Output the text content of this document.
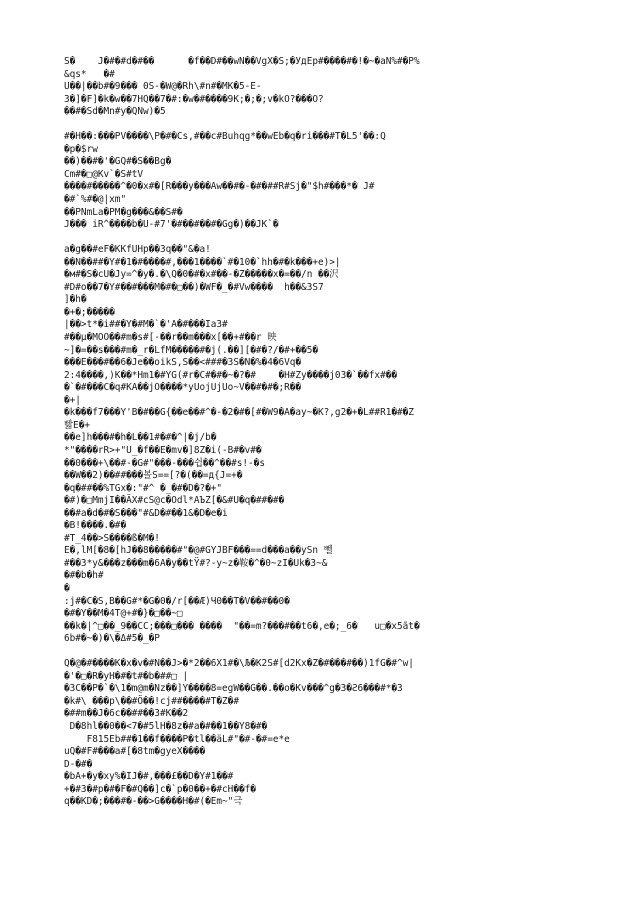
S�    J�#�#d�#��      �f��D#��wN��VgX�S;�УдEp#����#�!�~�aN%#�P%
&qs*   �#
U��|��b#�9��� 0S-�W@�Rh\#n#�MK�5-E-
3�]�F]�k�w��7HQ��7�#:�w�#����9K;�;�;v�kO?���O?
��#�Sd�Mn#y�QNw)�5
#�H��:���PV����\P�#�Cs,#��c#Buhqg*��wEb�q�ri���#T�L5'��:Q
�p�$rw
��)��#�'�GQ#�S��Bg�
Cm#�□@Kv`�S#tV
����#�����^�0�x#�[R���y���Aw��#�-�#�##R#Sj�"$h#���*� J#
�#`%#�@|xm"
��PNmLa�PM�g���&��S#�
J��� iR^����b�U-#7'�#��#��#�Gg�)��JK`�
a�g��#eF�KKfUHp��3q��"&�a!
��N��##�Y#�1�#����#,���1����`#�10�`hh�#�k���+e)>|
�м#�S�cU�Jy=^�y�.�\Q�0�#�x#��-�Z�����x�=��/n ��沢
#D#o��7�Y#��#���M�#�□��)�WF�_�#Vw����  h��&3S7
]�h�
�+�;�����
|��>t*�i##�Y�#M�`�'A�#���Ia3#
#��µ�MOO��#m�s#[-��r��m���x[��+#��r 映
~]�=��s���#m�_r�LfM�����#�j(.��][�#�?/�#+��5�
���E���#��6�Je��oikS,S��<###�3S�N�%�4�6Vq�
2:4����,)K��*Hm1�#YG(#r�C#�#�~�?�#    �H#Zy����j03�`��fx#��
�`�#���C�q#KA��jO����*yUojUjUo~V��#�#�;R��
�+|
�k���f7���Y'B�#��G{��e��#^�-�2�#�[#�W9�A�ay~�K?,g2�+�L##R1�#�Z
빫E�+
��e]h���#�h�L��1#�#�^|�j/b�
*"����rR>+"U_�f��E�mv�]8Z�i(-B#�v#�
��0���+\��#-�G#"���-���쉽��^��#s!-�s
��W��2)��##���볼S==[?�(��=д{J=+�
�q�##��%TGx�:"#^ �_�#�D�?�+"
�#)�□MmjI��ÄX#cS@c�Odl*AЪZ[�&#U�q�##�#�
��#a�d�#�S���"#&D�#��1&�D�e�i
�B!����.�#�
#T_4��>S����ß�M�!
E�,lM[�8�[hJ��8�����#"�@#GYJBF���==d���a��ySn 뻴
#��3*y&���z���m�6A�y��tŸ#?-y~z�鞍�^�0~zI�Uk�3~&
�#�b�h#
�
:j#�C�S,B��G#*�G�0�/r[��Æ)Ч0��T�V��#��0�
�#�Y��M�4T@+#�}�□��~□
��k�|^□��_9��CC;���□��� ����  "��=m?���#��t6�,e�;_6�   u□�x5ãt�
6b#�~�)�\�Δ#5�_�P
Q�@�#����K�x�v�#N��J>�*2��6X1#�\Љ�K2S#[d2Kx�Z�#���#��)1fG�#^w|
�'�□�R�yH�#�t#�b�##□ |
�3C��P�`�\1�m@m�Nz��]Y����8=egW��G��.��o�Kv���^g�3�Ƨ6���#*�3
�k#\ ���p\��#Ö��!cj##����#T�Z�#
�##m��J�6c��##��3#K��2
D�8hl��0��<7�#5lH�8z�#a�#��1��Y8�#�
F815Eb##�1��f����P�tl��äL#"�#-�#=e*e
uQ�#F#���a#[�8tm�gyeX����
D-�#�
�bA+�y�xy%�IJ�#,���£��D�Y#1��#
+�#3�#p�#�F�#Q��]c�`p�0��+�#cH��f�
q��KD�;���#�-��>G����H�#(�Em~"극
